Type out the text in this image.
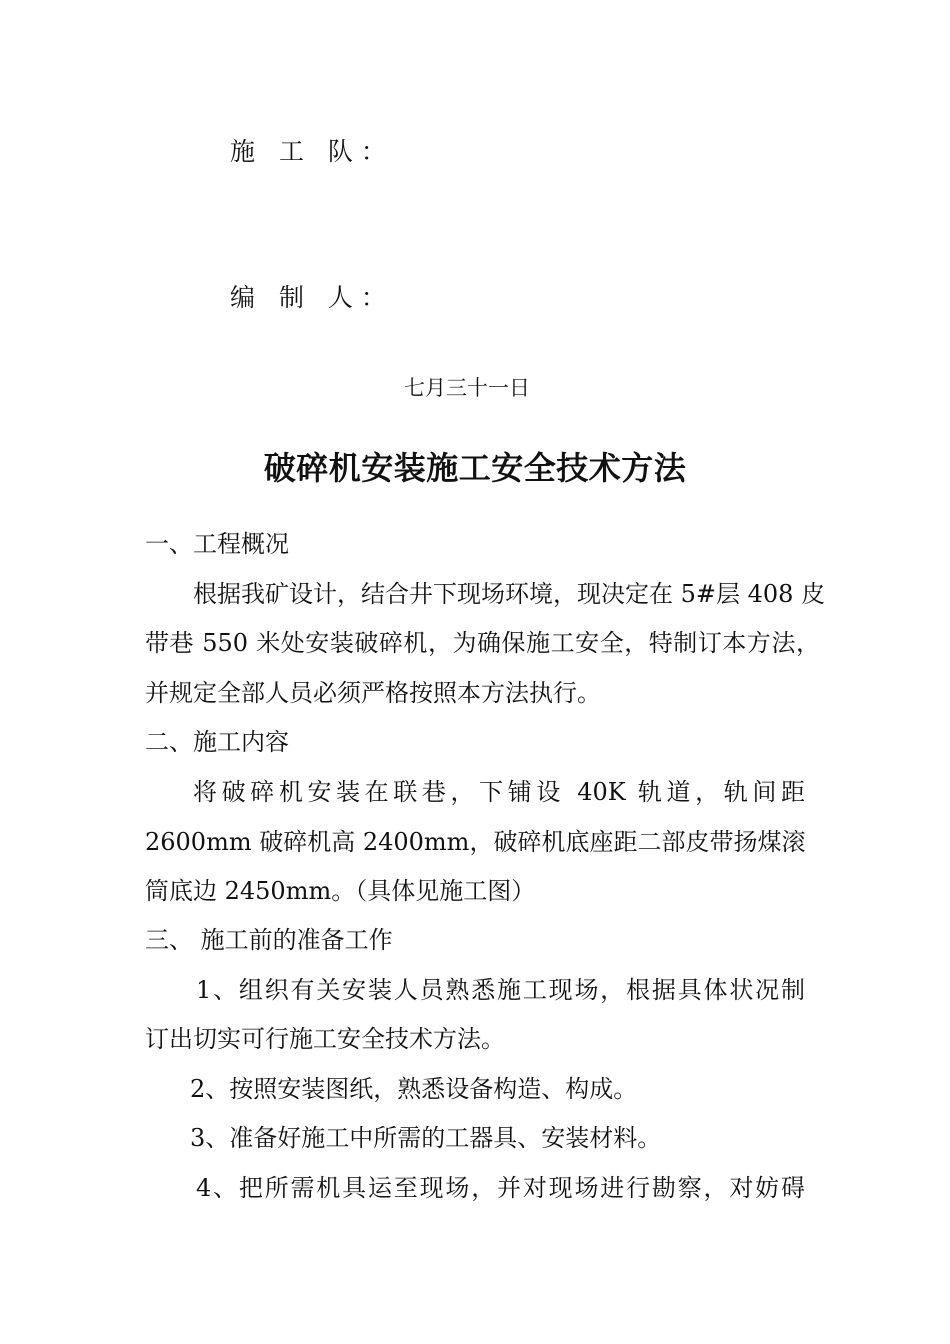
施 工 队：
编 制 人：
七月三十一日
破碎机安装施工安全技术方法
一、工程概况
根据我矿设计，结合井下现场环境，现决定在 5#层 408 皮
带巷 550 米处安装破碎机，为确保施工安全，特制订本方法，
并规定全部人员必须严格按照本方法执行。
二、施工内容
将破碎机安装在联巷，下铺设 40K 轨道，轨间距
2600mm 破碎机高 2400mm，破碎机底座距二部皮带扬煤滚
筒底边 2450mm。（具体见施工图）
三、 施工前的准备工作
1、组织有关安装人员熟悉施工现场，根据具体状况制
订出切实可行施工安全技术方法。
2、按照安装图纸，熟悉设备构造、构成。
3、准备好施工中所需的工器具、安装材料。
4、把所需机具运至现场，并对现场进行勘察，对妨碍
